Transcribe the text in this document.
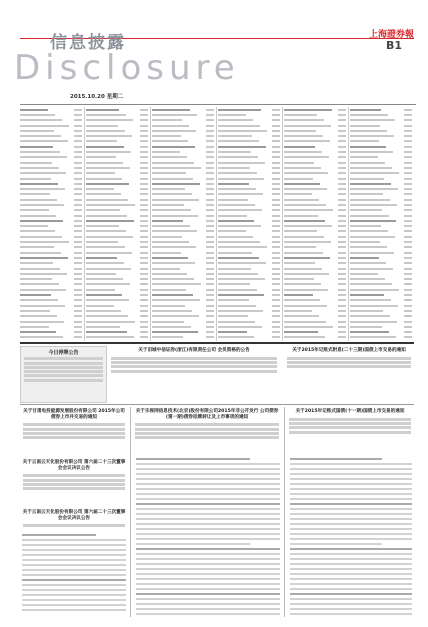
信息披露
Disclosure
2015.10.20 星期二
上海證券報
B1
今日停牌公告	关于旧城中信证券(浙江)有限责任公司 会员资格的公告	关于2015年记账式附息(二十三期)国债上市交易的通知
关于甘肃电投能源发展股份有限公司 2015年公司债券上市并交易的通知
关于乐视网信息技术(北京)股份有限公司2015年非公开发行 公司债券(第一期)债券挂牌转让及上市事项的通知
关于2015年记账式国债(十一期)国债上市交易的通知
关于云南云天化股份有限公司 第六届二十三次董事会会议决议公告
关于云南云天化股份有限公司 第六届二十三次董事会会议决议公告
